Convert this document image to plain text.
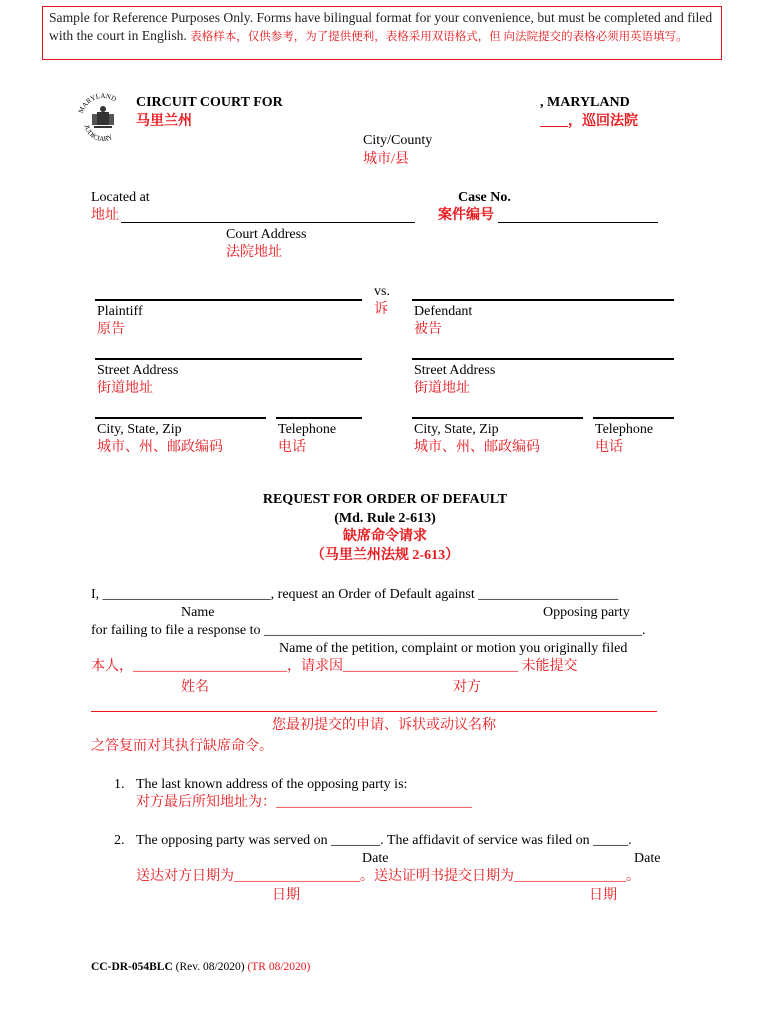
Sample for Reference Purposes Only. Forms have bilingual format for your convenience, but must be completed and filed with the court in English. 表格样本，仅供参考，为了提供便利，表格采用双语格式，但 向法院提交的表格必须用英语填写。
MARYLAND
JUDICIARY
CIRCUIT COURT FOR
马里兰州
, MARYLAND
____，巡回法院
City/County
城市/县
Located at
地址
Court Address
法院地址
Case No.
案件编号
vs.
诉
Plaintiff
原告
Defendant
被告
Street Address
街道地址
Street Address
街道地址
City, State, Zip
城市、州、邮政编码
Telephone
电话
City, State, Zip
城市、州、邮政编码
Telephone
电话
REQUEST FOR ORDER OF DEFAULT
(Md. Rule 2-613)
缺席命令请求
（马里兰州法规 2-613）
I, ________________________, request an Order of Default against ____________________
Name	Opposing party
for failing to file a response to ______________________________________________________.
Name of the petition, complaint or motion you originally filed
本人，______________________，请求因_________________________ 未能提交
姓名	对方
您最初提交的申请、诉状或动议名称
之答复而对其执行缺席命令。
1. The last known address of the opposing party is:
对方最后所知地址为：____________________________
2. The opposing party was served on _______. The affidavit of service was filed on _____.
Date	Date
送达对方日期为__________________。送达证明书提交日期为________________。
日期	日期
CC-DR-054BLC (Rev. 08/2020) (TR 08/2020)
